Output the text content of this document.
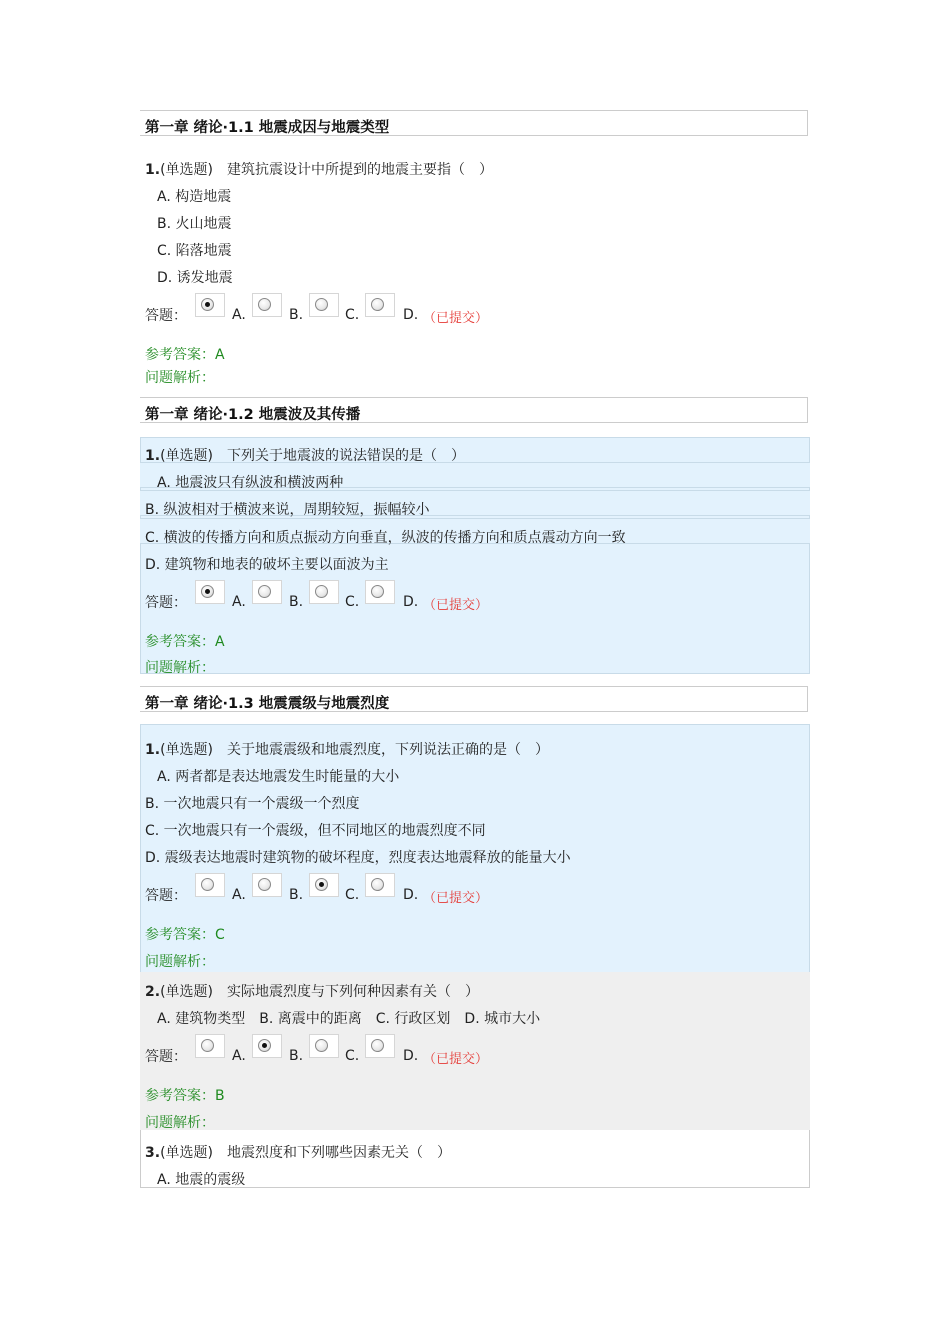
第一章 绪论·1.1 地震成因与地震类型
1.(单选题)　建筑抗震设计中所提到的地震主要指（　）
A. 构造地震
B. 火山地震
C. 陷落地震
D. 诱发地震
答题：	A.	B.	C.	D. （已提交）
参考答案：A
问题解析：
第一章 绪论·1.2 地震波及其传播
1.(单选题)　下列关于地震波的说法错误的是（　）
A. 地震波只有纵波和横波两种
B. 纵波相对于横波来说，周期较短，振幅较小
C. 横波的传播方向和质点振动方向垂直，纵波的传播方向和质点震动方向一致
D. 建筑物和地表的破坏主要以面波为主
答题：	A.	B.	C.	D. （已提交）
参考答案：A
问题解析：
第一章 绪论·1.3 地震震级与地震烈度
1.(单选题)　关于地震震级和地震烈度，下列说法正确的是（　）
A. 两者都是表达地震发生时能量的大小
B. 一次地震只有一个震级一个烈度
C. 一次地震只有一个震级，但不同地区的地震烈度不同
D. 震级表达地震时建筑物的破坏程度，烈度表达地震释放的能量大小
答题：	A.	B.	C.	D. （已提交）
参考答案：C
问题解析：
2.(单选题)　实际地震烈度与下列何种因素有关（　）
A. 建筑物类型　B. 离震中的距离　C. 行政区划　D. 城市大小
答题：	A.	B.	C.	D. （已提交）
参考答案：B
问题解析：
3.(单选题)　地震烈度和下列哪些因素无关（　）
A. 地震的震级
